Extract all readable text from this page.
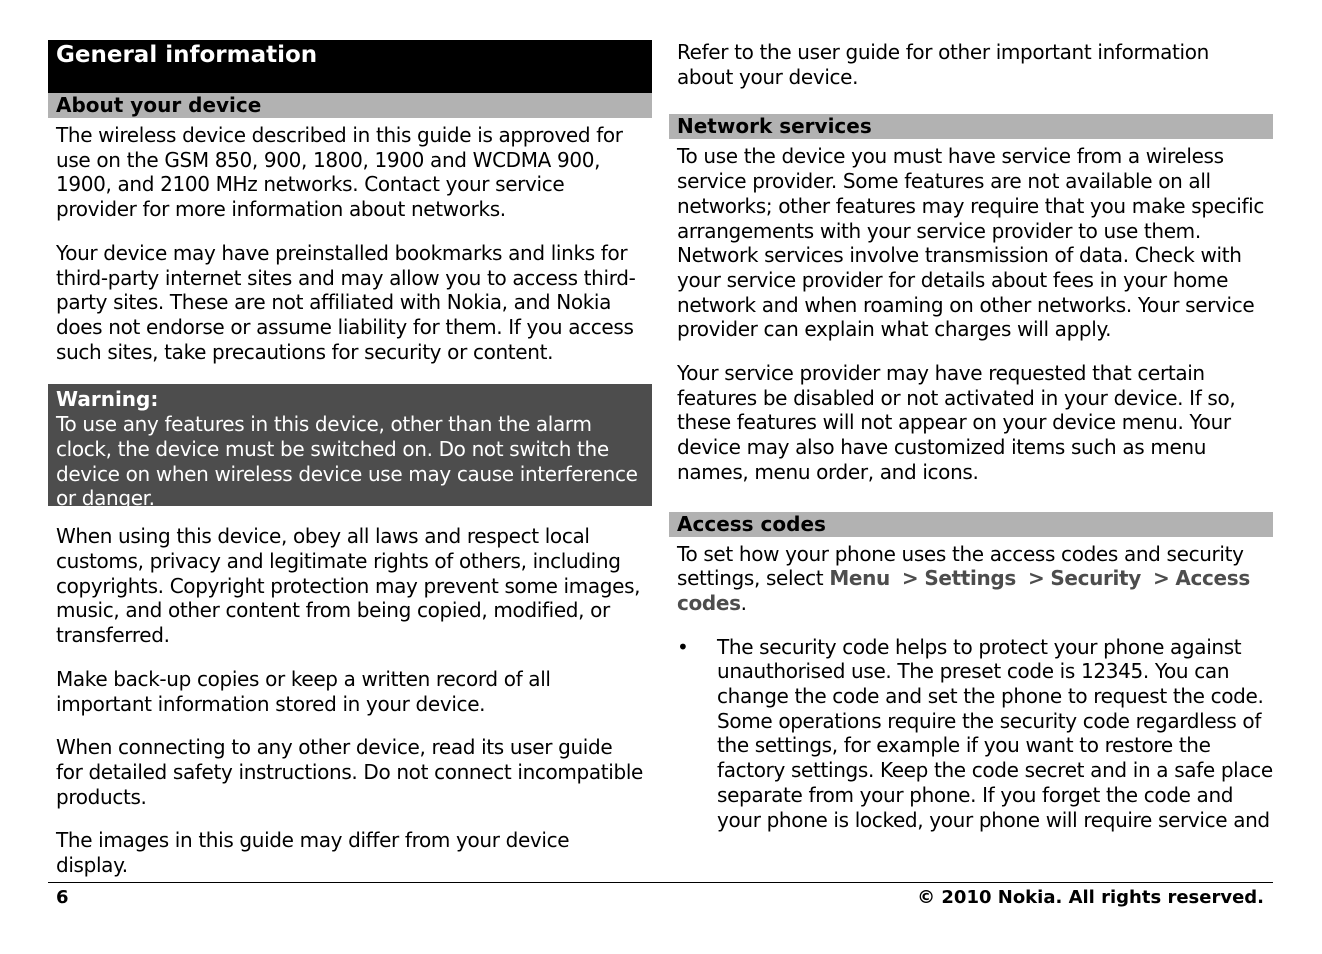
General information
About your device

The wireless device described in this guide is approved for use on the GSM 850, 900, 1800, 1900 and WCDMA 900, 1900, and 2100 MHz networks. Contact your service provider for more information about networks.

Your device may have preinstalled bookmarks and links for third-party internet sites and may allow you to access third-party sites. These are not affiliated with Nokia, and Nokia does not endorse or assume liability for them. If you access such sites, take precautions for security or content.

Warning:
To use any features in this device, other than the alarm clock, the device must be switched on. Do not switch the device on when wireless device use may cause interference or danger.

When using this device, obey all laws and respect local customs, privacy and legitimate rights of others, including copyrights. Copyright protection may prevent some images, music, and other content from being copied, modified, or transferred.

Make back-up copies or keep a written record of all important information stored in your device.

When connecting to any other device, read its user guide for detailed safety instructions. Do not connect incompatible products.

The images in this guide may differ from your device display.

Refer to the user guide for other important information about your device.

Network services

To use the device you must have service from a wireless service provider. Some features are not available on all networks; other features may require that you make specific arrangements with your service provider to use them. Network services involve transmission of data. Check with your service provider for details about fees in your home network and when roaming on other networks. Your service provider can explain what charges will apply.

Your service provider may have requested that certain features be disabled or not activated in your device. If so, these features will not appear on your device menu. Your device may also have customized items such as menu names, menu order, and icons.

Access codes

To set how your phone uses the access codes and security settings, select Menu > Settings > Security > Access codes.

• The security code helps to protect your phone against unauthorised use. The preset code is 12345. You can change the code and set the phone to request the code. Some operations require the security code regardless of the settings, for example if you want to restore the factory settings. Keep the code secret and in a safe place separate from your phone. If you forget the code and your phone is locked, your phone will require service and
6	© 2010 Nokia. All rights reserved.
